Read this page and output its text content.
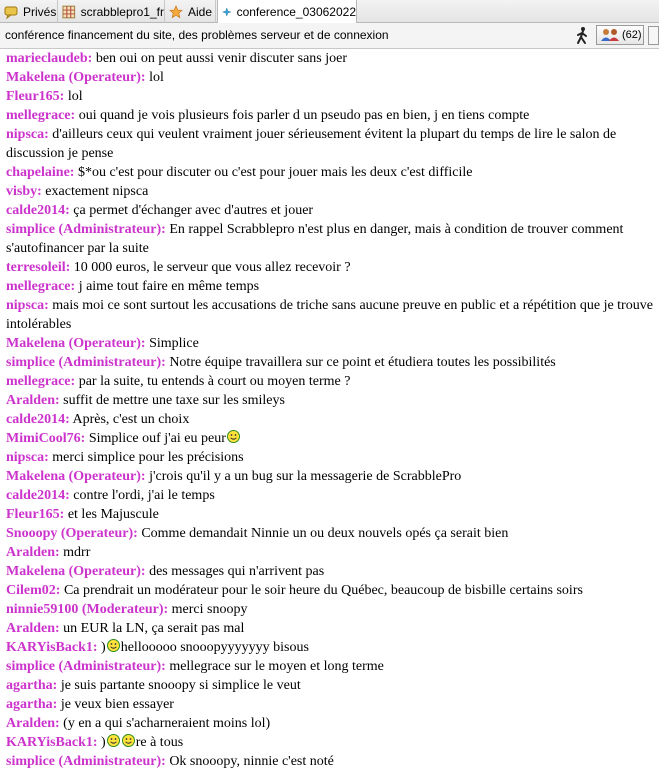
Privés scrabblepro1_fr Aide conference_03062022
conférence financement du site, des problèmes serveur et de connexion	(62)
marieclaudeb: ben oui on peut aussi venir discuter sans joer
Makelena (Operateur): lol
Fleur165: lol
mellegrace: oui quand je vois plusieurs fois parler d un pseudo pas en bien, j en tiens compte
nipsca: d'ailleurs ceux qui veulent vraiment jouer sérieusement évitent la plupart du temps de lire le salon de discussion je pense
chapelaine: $*ou c'est pour discuter ou c'est pour jouer mais les deux c'est difficile
visby: exactement nipsca
calde2014: ça permet d'échanger avec d'autres et jouer
simplice (Administrateur): En rappel Scrabblepro n'est plus en danger, mais à condition de trouver comment s'autofinancer par la suite
terresoleil: 10 000 euros, le serveur que vous allez recevoir ?
mellegrace: j aime tout faire en même temps
nipsca: mais moi ce sont surtout les accusations de triche sans aucune preuve en public et a répétition que je trouve intolérables
Makelena (Operateur): Simplice
simplice (Administrateur): Notre équipe travaillera sur ce point et étudiera toutes les possibilités
mellegrace: par la suite, tu entends à court ou moyen terme ?
Aralden: suffit de mettre une taxe sur les smileys
calde2014: Après, c'est un choix
MimiCool76: Simplice ouf j'ai eu peur
nipsca: merci simplice pour les précisions
Makelena (Operateur): j'crois qu'il y a un bug sur la messagerie de ScrabblePro
calde2014: contre l'ordi, j'ai le temps
Fleur165: et les Majuscule
Snooopy (Operateur): Comme demandait Ninnie un ou deux nouvels opés ça serait bien
Aralden: mdrr
Makelena (Operateur): des messages qui n'arrivent pas
Cilem02: Ca prendrait un modérateur pour le soir heure du Québec, beaucoup de bisbille certains soirs
ninnie59100 (Moderateur): merci snoopy
Aralden: un EUR la LN, ça serait pas mal
KARYisBack1: ) hellooooo snooopyyyyyyy bisous
simplice (Administrateur): mellegrace sur le moyen et long terme
agartha: je suis partante snooopy si simplice le veut
agartha: je veux bien essayer
Aralden: (y en a qui s'acharneraient moins lol)
KARYisBack1: ) re à tous
simplice (Administrateur): Ok snooopy, ninnie c'est noté
